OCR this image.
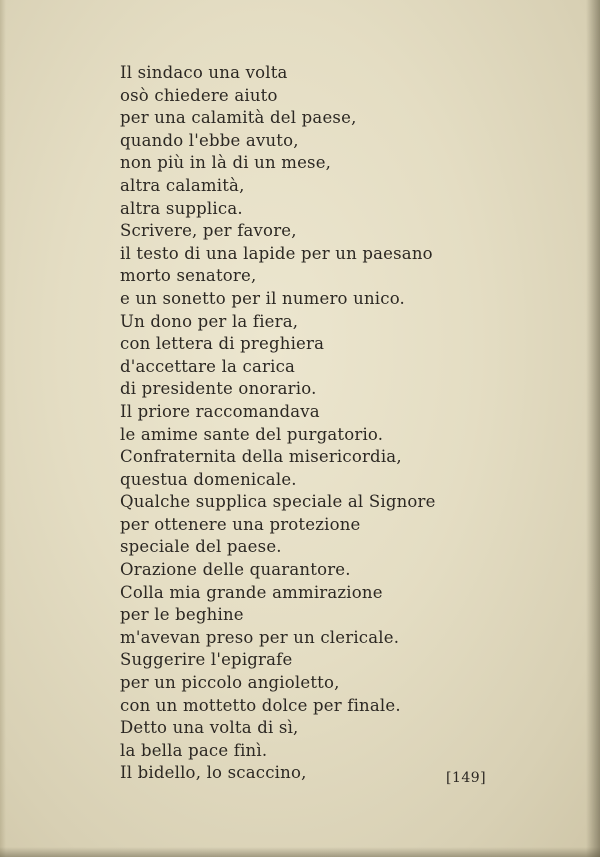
Il sindaco una volta
osò chiedere aiuto
per una calamità del paese,
quando l'ebbe avuto,
non più in là di un mese,
altra calamità,
altra supplica.
Scrivere, per favore,
il testo di una lapide per un paesano
morto senatore,
e un sonetto per il numero unico.
Un dono per la fiera,
con lettera di preghiera
d'accettare la carica
di presidente onorario.
Il priore raccomandava
le amime sante del purgatorio.
Confraternita della misericordia,
questua domenicale.
Qualche supplica speciale al Signore
per ottenere una protezione
speciale del paese.
Orazione delle quarantore.
Colla mia grande ammirazione
per le beghine
m'avevan preso per un clericale.
Suggerire l'epigrafe
per un piccolo angioletto,
con un mottetto dolce per finale.
Detto una volta di sì,
la bella pace finì.
Il bidello, lo scaccino,	[149]
